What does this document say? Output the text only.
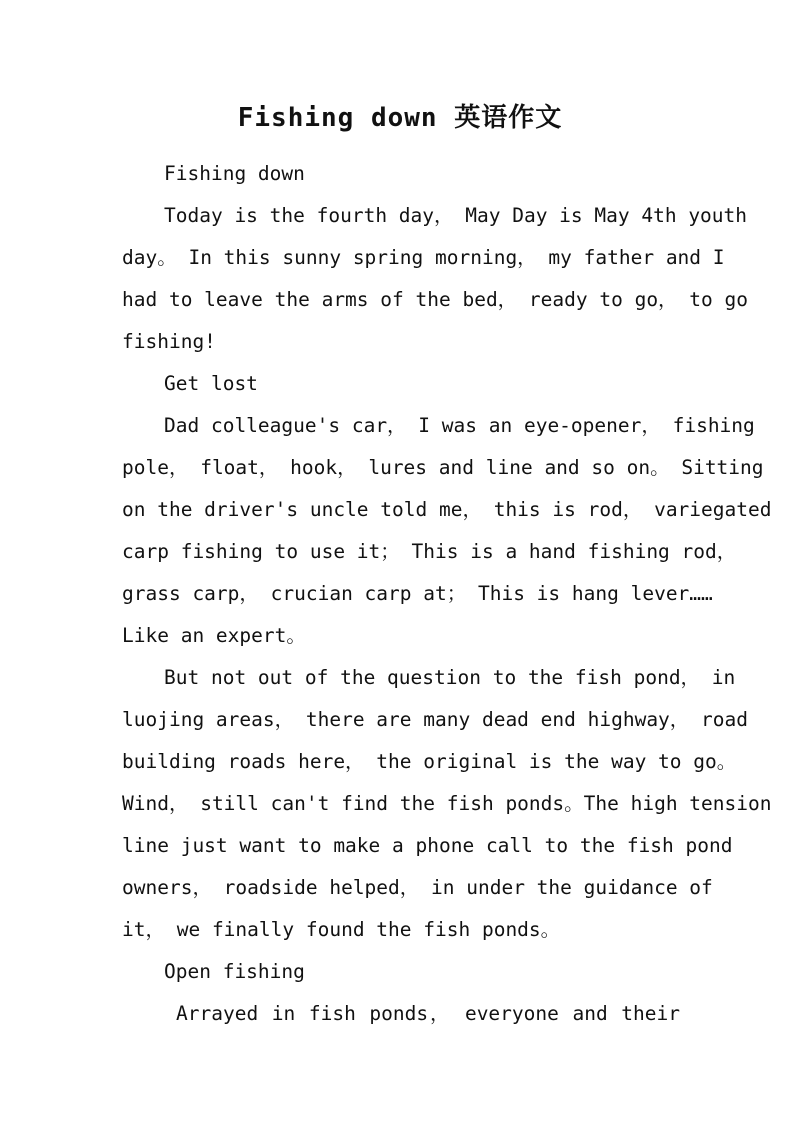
Fishing down 英语作文

Fishing down

Today is the fourth day， May Day is May 4th youth

day。 In this sunny spring morning， my father and I

had to leave the arms of the bed， ready to go， to go

fishing!

Get lost

Dad colleague's car， I was an eye-opener， fishing

pole， float， hook， lures and line and so on。 Sitting

on the driver's uncle told me， this is rod， variegated

carp fishing to use it； This is a hand fishing rod，

grass carp， crucian carp at； This is hang lever……

Like an expert。

But not out of the question to the fish pond， in

luojing areas， there are many dead end highway， road

building roads here， the original is the way to go。

Wind， still can't find the fish ponds。The high tension

line just want to make a phone call to the fish pond

owners， roadside helped， in under the guidance of

it， we finally found the fish ponds。

Open fishing

Arrayed in fish ponds， everyone and their
